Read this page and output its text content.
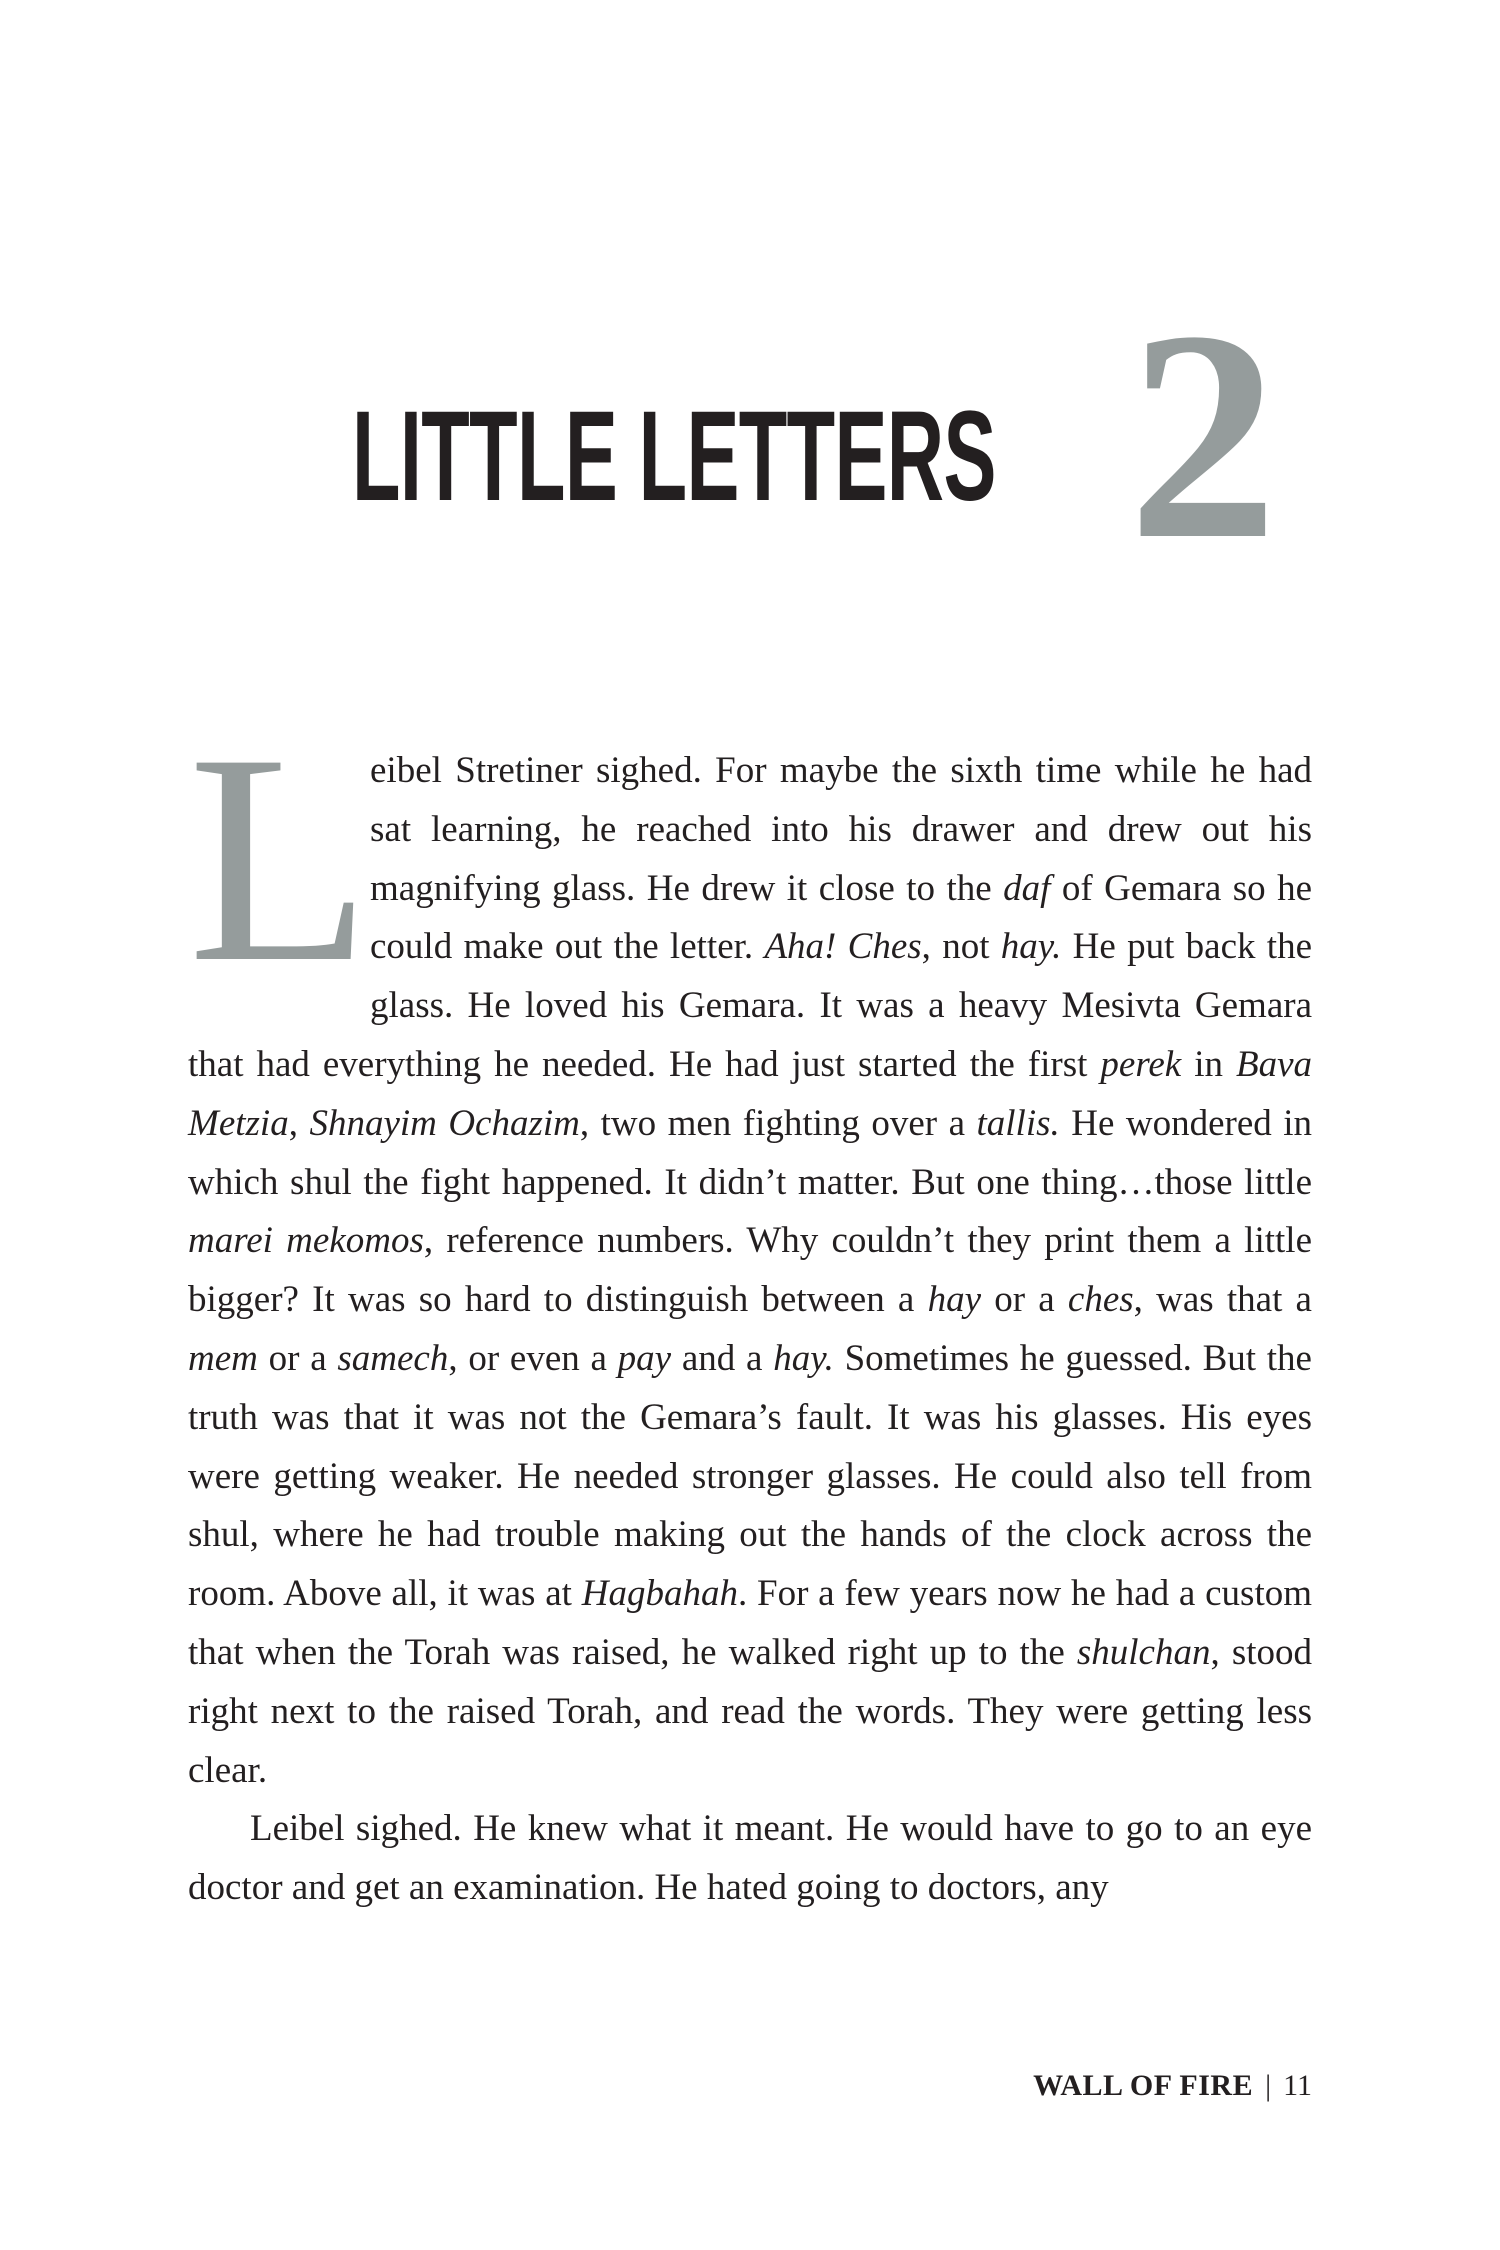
LITTLE LETTERS 2

L
eibel Stretiner sighed. For maybe the sixth time while he had sat learning, he reached into his drawer and drew out his magnifying glass. He drew it close to the daf of Gemara so he could make out the letter. Aha! Ches, not hay. He put back the glass. He loved his Gemara. It was a heavy Mesivta Gemara that had everything he needed. He had just started the first perek in Bava Metzia, Shnayim Ochazim, two men fighting over a tallis. He wondered in which shul the fight happened. It didn’t matter. But one thing…those little marei mekomos, reference numbers. Why couldn’t they print them a little bigger? It was so hard to distinguish between a hay or a ches, was that a mem or a samech, or even a pay and a hay. Sometimes he guessed. But the truth was that it was not the Gemara’s fault. It was his glasses. His eyes were getting weaker. He needed stronger glasses. He could also tell from shul, where he had trouble making out the hands of the clock across the room. Above all, it was at Hagbahah. For a few years now he had a custom that when the Torah was raised, he walked right up to the shulchan, stood right next to the raised Torah, and read the words. They were getting less clear.

Leibel sighed. He knew what it meant. He would have to go to an eye doctor and get an examination. He hated going to doctors, any

WALL OF FIRE | 11
